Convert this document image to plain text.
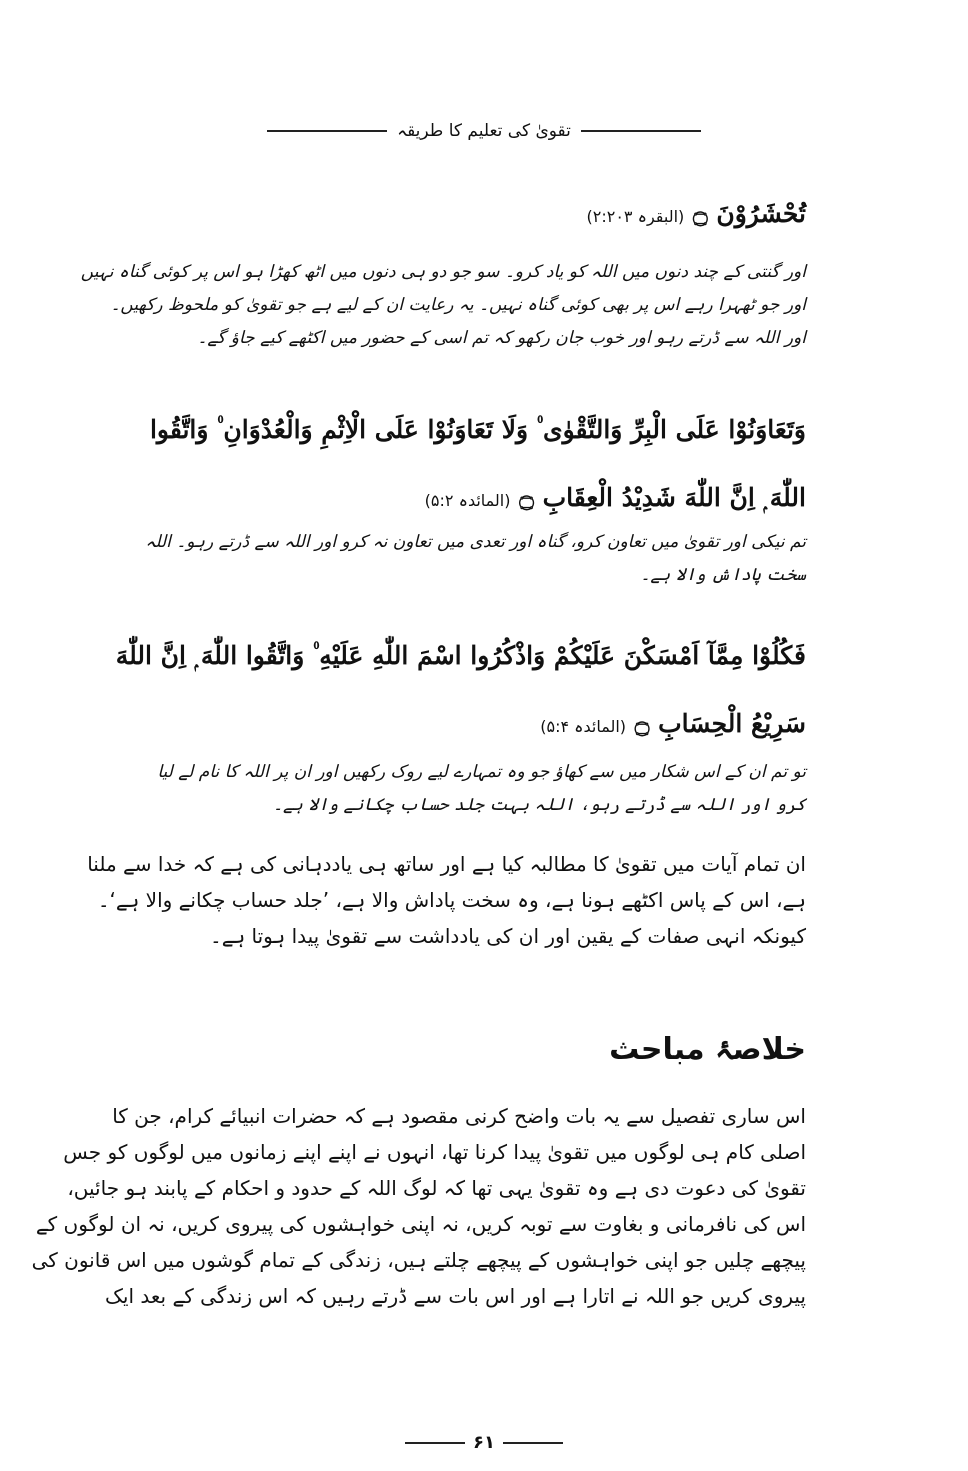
تقویٰ کی تعلیم کا طریقہ
تُحْشَرُوْنَ ۝ (البقرہ ۲:۲۰۳)

اور گنتی کے چند دنوں میں اللہ کو یاد کرو۔ سو جو دو ہی دنوں میں اٹھ کھڑا ہو اس پر کوئی گناہ نہیں

اور جو ٹھہرا رہے اس پر بھی کوئی گناہ نہیں۔ یہ رعایت ان کے لیے ہے جو تقویٰ کو ملحوظ رکھیں۔

اور اللہ سے ڈرتے رہو اور خوب جان رکھو کہ تم اسی کے حضور میں اکٹھے کیے جاؤ گے۔

وَتَعَاوَنُوْا عَلَى الْبِرِّ وَالتَّقْوٰى ۠ وَلَا تَعَاوَنُوْا عَلَى الْاِثْمِ وَالْعُدْوَانِ ۠ وَاتَّقُوا
اللّٰهَ ۭ اِنَّ اللّٰهَ شَدِيْدُ الْعِقَابِ ۝ (المائدہ ۵:۲)

تم نیکی اور تقویٰ میں تعاون کرو، گناہ اور تعدی میں تعاون نہ کرو اور اللہ سے ڈرتے رہو۔ اللہ

سخت پاداش والا ہے۔

فَكُلُوْا مِمَّآ اَمْسَكْنَ عَلَيْكُمْ وَاذْكُرُوا اسْمَ اللّٰهِ عَلَيْهِ ۠ وَاتَّقُوا اللّٰهَ ۭ اِنَّ اللّٰهَ
سَرِيْعُ الْحِسَابِ ۝ (المائدہ ۵:۴)

تو تم ان کے اس شکار میں سے کھاؤ جو وہ تمہارے لیے روک رکھیں اور ان پر اللہ کا نام لے لیا

کرو اور اللہ سے ڈرتے رہو، اللہ بہت جلد حساب چکانے والا ہے۔

ان تمام آیات میں تقویٰ کا مطالبہ کیا ہے اور ساتھ ہی یاددہانی کی ہے کہ خدا سے ملنا

ہے، اس کے پاس اکٹھے ہونا ہے، وہ سخت پاداش والا ہے، ’جلد حساب چکانے والا ہے‘۔

کیونکہ انہی صفات کے یقین اور ان کی یادداشت سے تقویٰ پیدا ہوتا ہے۔

خلاصۂ مباحث

اس ساری تفصیل سے یہ بات واضح کرنی مقصود ہے کہ حضرات انبیائے کرام، جن کا

اصلی کام ہی لوگوں میں تقویٰ پیدا کرنا تھا، انہوں نے اپنے اپنے زمانوں میں لوگوں کو جس

تقویٰ کی دعوت دی ہے وہ تقویٰ یہی تھا کہ لوگ اللہ کے حدود و احکام کے پابند ہو جائیں،

اس کی نافرمانی و بغاوت سے توبہ کریں، نہ اپنی خواہشوں کی پیروی کریں، نہ ان لوگوں کے

پیچھے چلیں جو اپنی خواہشوں کے پیچھے چلتے ہیں، زندگی کے تمام گوشوں میں اس قانون کی

پیروی کریں جو اللہ نے اتارا ہے اور اس بات سے ڈرتے رہیں کہ اس زندگی کے بعد ایک

۶۱
